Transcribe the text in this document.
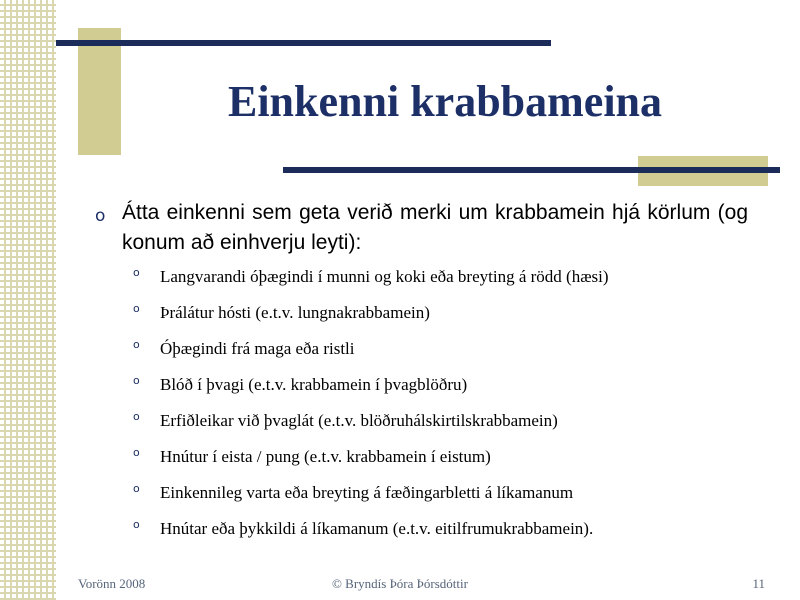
Einkenni krabbameina

o Átta einkenni sem geta verið merki um krabbamein hjá körlum (og konum að einhverju leyti):

o Langvarandi óþægindi í munni og koki eða breyting á rödd (hæsi)
o Þrálátur hósti (e.t.v. lungnakrabbamein)
o Óþægindi frá maga eða ristli
o Blóð í þvagi (e.t.v. krabbamein í þvagblöðru)
o Erfiðleikar við þvaglát (e.t.v. blöðruhálskirtilskrabbamein)
o Hnútur í eista / pung (e.t.v. krabbamein í eistum)
o Einkennileg varta eða breyting á fæðingarbletti á líkamanum
o Hnútar eða þykkildi á líkamanum (e.t.v. eitilfrumukrabbamein).
Vorönn 2008	© Bryndís Þóra Þórsdóttir	11
